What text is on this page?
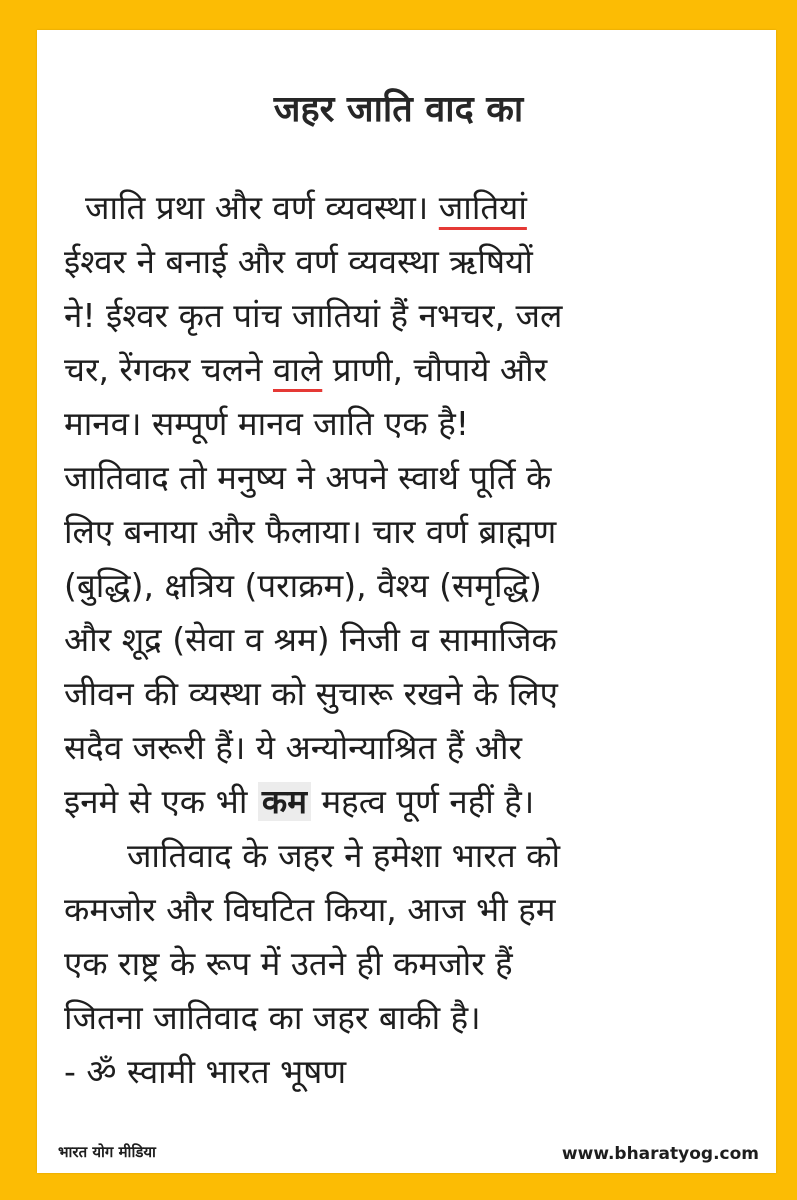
जहर जाति वाद का
जाति प्रथा और वर्ण व्यवस्था। जातियां
ईश्वर ने बनाई और वर्ण व्यवस्था ऋषियों
ने! ईश्वर कृत पांच जातियां हैं नभचर, जल
चर, रेंगकर चलने वाले प्राणी, चौपाये और
मानव। सम्पूर्ण मानव जाति एक है!
जातिवाद तो मनुष्य ने अपने स्वार्थ पूर्ति के
लिए बनाया और फैलाया। चार वर्ण ब्राह्मण
(बुद्धि), क्षत्रिय (पराक्रम), वैश्य (समृद्धि)
और शूद्र (सेवा व श्रम) निजी व सामाजिक
जीवन की व्यस्था को सुचारू रखने के लिए
सदैव जरूरी हैं। ये अन्योन्याश्रित हैं और
इनमे से एक भी कम महत्व पूर्ण नहीं है।
जातिवाद के जहर ने हमेशा भारत को
कमजोर और विघटित किया, आज भी हम
एक राष्ट्र के रूप में उतने ही कमजोर हैं
जितना जातिवाद का जहर बाकी है।
- ॐ स्वामी भारत भूषण
भारत योग मीडिया	www.bharatyog.com
